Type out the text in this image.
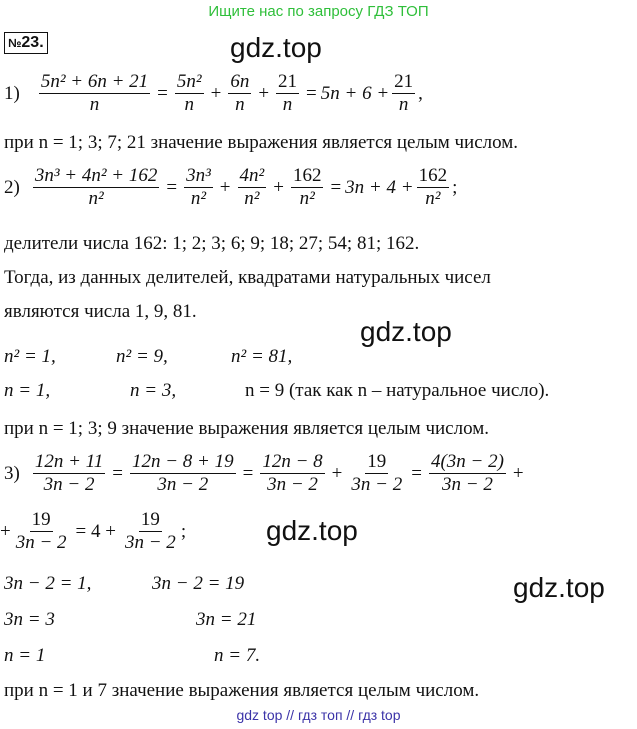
Ищите нас по запросу ГДЗ ТОП
№23.	gdz.top
gdz.top
gdz.top
gdz.top
$1) \frac{\text{5n² + 6n + 21}}{n} = \frac{\text{5n²}}{n} + \frac{6n}{n} + \frac{21}{n} = 5n + 6 + \frac{21}{n}$ ,
при n = 1; 3; 7; 21 значение выражения является целым числом.
$2) \frac{\text{3n³ + 4n² + 162}}{\text{n²}} = \frac{\text{3n³}}{\text{n²}} + \frac{\text{4n²}}{\text{n²}} + \frac{162}{\text{n²}} = 3n + 4 + \frac{162}{\text{n²}}$ ;
делители числа 162: 1; 2; 3; 6; 9; 18; 27; 54; 81; 162.
Тогда, из данных делителей, квадратами натуральных чисел
являются числа 1, 9, 81.
n² = 1,	n² = 9,	n² = 81,
n = 1,	n = 3,	n = 9 (так как n – натуральное число).
при n = 1; 3; 9 значение выражения является целым числом.
$3) \frac{12n + 11}{3n - 2} = \frac{12n - 8 + 19}{3n - 2} = \frac{12n - 8}{3n - 2} + \frac{19}{3n - 2} = \frac{4(3n - 2)}{3n - 2}$ +
+ $\frac{19}{3n - 2} = 4 + \frac{19}{3n - 2}$ ;
3n − 2 = 1,	3n − 2 = 19
3n = 3	3n = 21
n = 1	n = 7.
при n = 1 и 7 значение выражения является целым числом.
gdz top // гдз топ // гдз top
